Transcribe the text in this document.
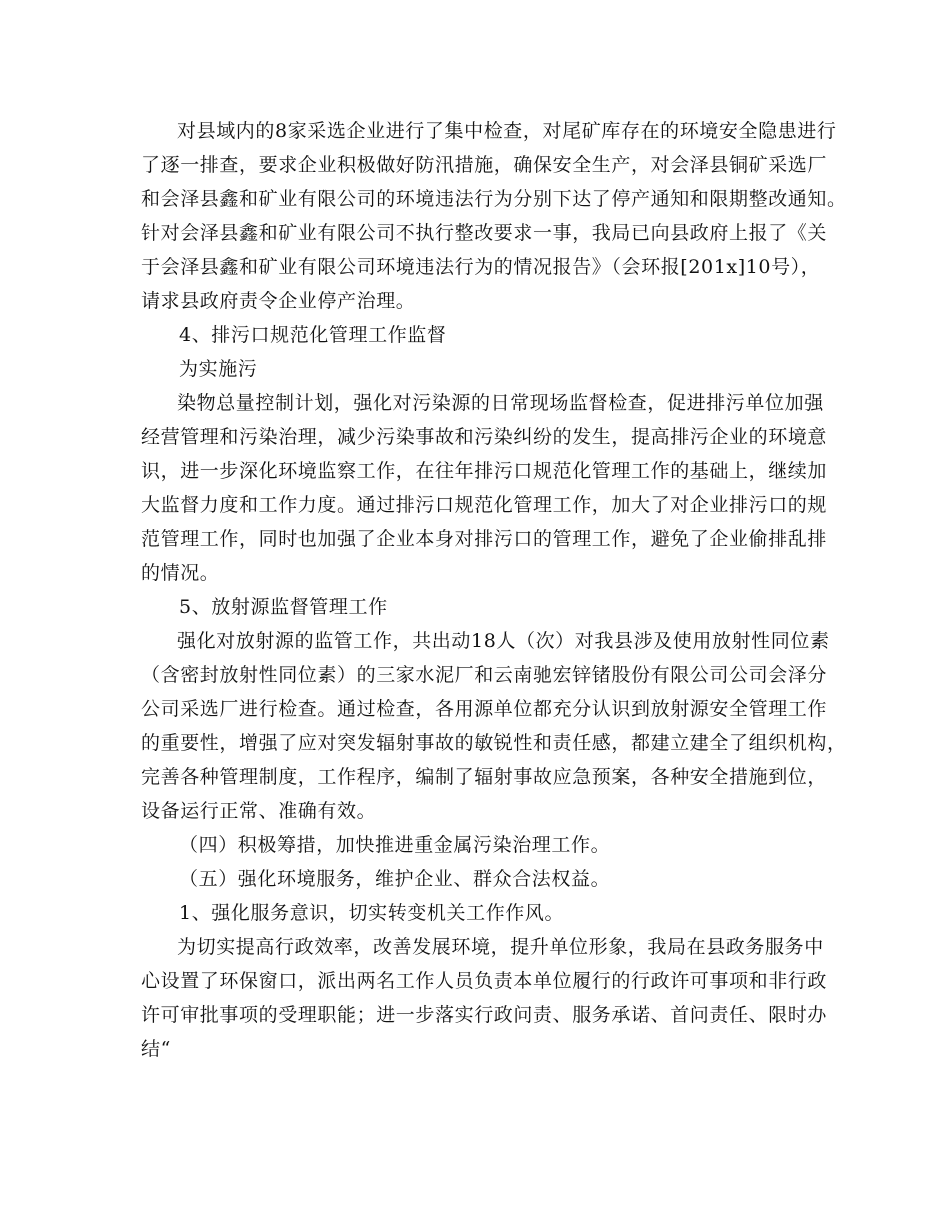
对县域内的8家采选企业进行了集中检查，对尾矿库存在的环境安全隐患进行
了逐一排查，要求企业积极做好防汛措施，确保安全生产，对会泽县铜矿采选厂
和会泽县鑫和矿业有限公司的环境违法行为分别下达了停产通知和限期整改通知。
针对会泽县鑫和矿业有限公司不执行整改要求一事，我局已向县政府上报了《关
于会泽县鑫和矿业有限公司环境违法行为的情况报告》（会环报[201x]10号），
请求县政府责令企业停产治理。
4、排污口规范化管理工作监督
为实施污
染物总量控制计划，强化对污染源的日常现场监督检查，促进排污单位加强
经营管理和污染治理，减少污染事故和污染纠纷的发生，提高排污企业的环境意
识，进一步深化环境监察工作，在往年排污口规范化管理工作的基础上，继续加
大监督力度和工作力度。通过排污口规范化管理工作，加大了对企业排污口的规
范管理工作，同时也加强了企业本身对排污口的管理工作，避免了企业偷排乱排
的情况。
5、放射源监督管理工作
强化对放射源的监管工作，共出动18人（次）对我县涉及使用放射性同位素
（含密封放射性同位素）的三家水泥厂和云南驰宏锌锗股份有限公司公司会泽分
公司采选厂进行检查。通过检查，各用源单位都充分认识到放射源安全管理工作
的重要性，增强了应对突发辐射事故的敏锐性和责任感，都建立建全了组织机构，
完善各种管理制度，工作程序，编制了辐射事故应急预案，各种安全措施到位，
设备运行正常、准确有效。
（四）积极筹措，加快推进重金属污染治理工作。
（五）强化环境服务，维护企业、群众合法权益。
1、强化服务意识，切实转变机关工作作风。
为切实提高行政效率，改善发展环境，提升单位形象，我局在县政务服务中
心设置了环保窗口，派出两名工作人员负责本单位履行的行政许可事项和非行政
许可审批事项的受理职能；进一步落实行政问责、服务承诺、首问责任、限时办
结“
